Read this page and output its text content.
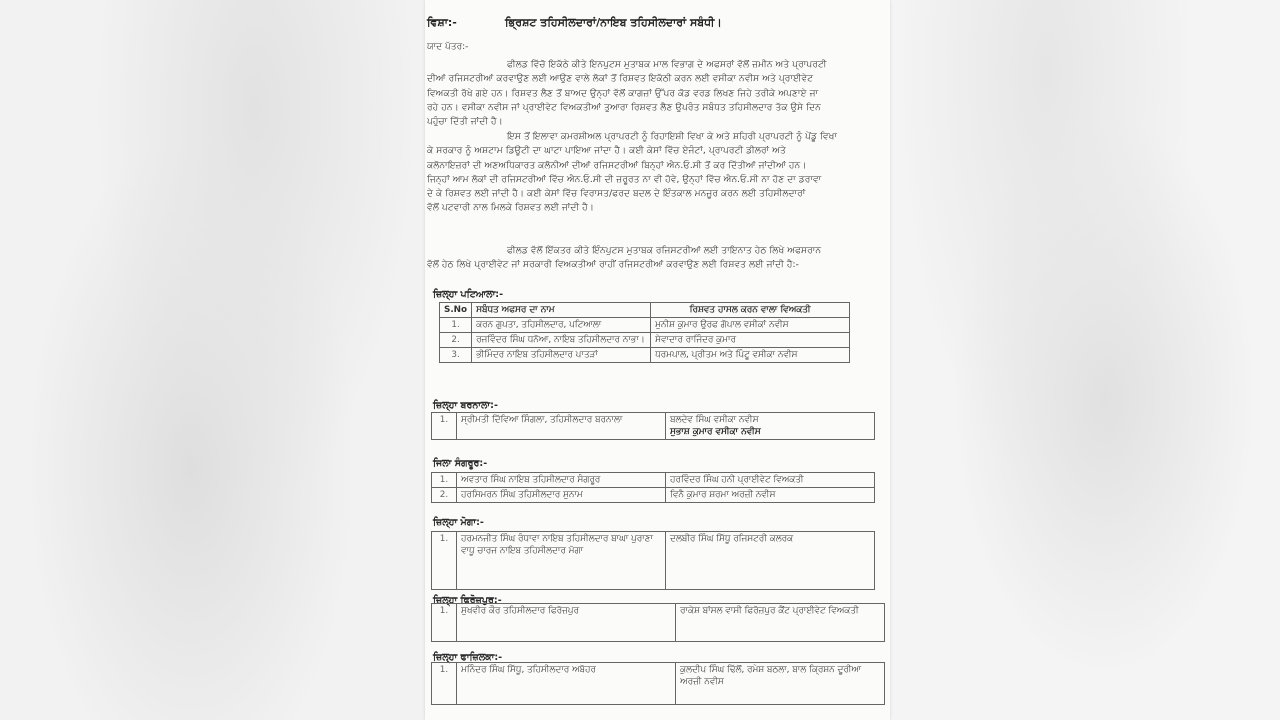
ਵਿਸ਼ਾ:-	ਭ੍ਰਿਸ਼ਟ ਤਹਿਸੀਲਦਾਰਾਂ/ਨਾਇਬ ਤਹਿਸੀਲਦਾਰਾਂ ਸਬੰਧੀ।
ਯਾਦ ਪੱਤਰ:-
ਫੀਲਡ ਵਿੱਚੋ ਇਕੱਠੇ ਕੀਤੇ ਇਨਪੁਟਸ ਮੁਤਾਬਕ ਮਾਲ ਵਿਭਾਗ ਦੇ ਅਫਸਰਾਂ ਵੱਲੋਂ ਜ਼ਮੀਨ ਅਤੇ ਪ੍ਰਾਪਰਟੀ
ਦੀਆਂ ਰਜਿਸਟਰੀਆਂ ਕਰਵਾਉਣ ਲਈ ਆਉਣ ਵਾਲੇ ਲੋਕਾਂ ਤੋਂ ਰਿਸ਼ਵਤ ਇਕੱਠੀ ਕਰਨ ਲਈ ਵਸੀਕਾ ਨਵੀਸ ਅਤੇ ਪ੍ਰਾਈਵੇਟ
ਵਿਅਕਤੀ ਰੱਖੇ ਗਏ ਹਨ। ਰਿਸ਼ਵਤ ਲੈਣ ਤੋਂ ਬਾਅਦ ਉਨ੍ਹਾਂ ਵੱਲੋਂ ਕਾਗਜ਼ਾਂ ਉੱਪਰ ਕੋਡ ਵਰਡ ਲਿਖਣ ਜਿਹੇ ਤਰੀਕੇ ਅਪਣਾਏ ਜਾ
ਰਹੇ ਹਨ। ਵਸੀਕਾ ਨਵੀਸ ਜਾਂ ਪ੍ਰਾਈਵੇਟ ਵਿਅਕਤੀਆਂ ਤੁਆਰਾ ਰਿਸ਼ਵਤ ਲੈਣ ਉਪਰੰਤ ਸਬੰਧਤ ਤਹਿਸੀਲਦਾਰ ਤੱਕ ਉਸੇ ਦਿਨ
ਪਹੁੰਚਾ ਦਿੱਤੀ ਜਾਂਦੀ ਹੈ।
ਇਸ ਤੋਂ ਇਲਾਵਾ ਕਮਰਸ਼ੀਅਲ ਪ੍ਰਾਪਰਟੀ ਨੂੰ ਰਿਹਾਇਸ਼ੀ ਵਿਖਾ ਕੇ ਅਤੇ ਸ਼ਹਿਰੀ ਪ੍ਰਾਪਰਟੀ ਨੂੰ ਪੇਂਡੂ ਵਿਖਾ
ਕੇ ਸਰਕਾਰ ਨੂੰ ਅਸ਼ਟਾਮ ਡਿਊਟੀ ਦਾ ਘਾਟਾ ਪਾਇਆ ਜਾਂਦਾ ਹੈ। ਕਈ ਕੇਸਾਂ ਵਿੱਚ ਏਜੰਟਾਂ, ਪ੍ਰਾਪਰਟੀ ਡੀਲਰਾਂ ਅਤੇ
ਕਲੋਨਾਇਜ਼ਰਾਂ ਦੀ ਅਣਅਧਿਕਾਰਤ ਕਲੋਨੀਆਂ ਦੀਆਂ ਰਜਿਸਟਰੀਆਂ ਬਿਨ੍ਹਾਂ ਐਨ.ਓ.ਸੀ ਤੋਂ ਕਰ ਦਿੱਤੀਆਂ ਜਾਂਦੀਆਂ ਹਨ।
ਜਿਨ੍ਹਾਂ ਆਮ ਲੋਕਾਂ ਦੀ ਰਜਿਸਟਰੀਆਂ ਵਿੱਚ ਐਨ.ਓ.ਸੀ ਦੀ ਜ਼ਰੂਰਤ ਨਾ ਵੀ ਹੋਵੇ, ਉਨ੍ਹਾਂ ਵਿੱਚ ਐਨ.ਓ.ਸੀ ਨਾ ਹੋਣ ਦਾ ਡਰਾਵਾ
ਦੇ ਕੇ ਰਿਸ਼ਵਤ ਲਈ ਜਾਂਦੀ ਹੈ। ਕਈ ਕੇਸਾਂ ਵਿੱਚ ਵਿਰਾਸਤ/ਫਰਦ ਬਦਲ ਦੇ ਇੰਤਕਾਲ ਮਨਜ਼ੂਰ ਕਰਨ ਲਈ ਤਹਿਸੀਲਦਾਰਾਂ
ਵੱਲੋਂ ਪਟਵਾਰੀ ਨਾਲ ਮਿਲਕੇ ਰਿਸ਼ਵਤ ਲਈ ਜਾਂਦੀ ਹੈ।
ਫੀਲਡ ਵੱਲੋਂ ਇੱਕਤਰ ਕੀਤੇ ਇੰਨਪੁਟਸ ਮੁਤਾਬਕ ਰਜਿਸਟਰੀਆਂ ਲਈ ਤਾਇਨਾਤ ਹੇਠ ਲਿਖੇ ਅਫਸਰਾਨ
ਵੱਲੋਂ ਹੇਠ ਲਿਖੇ ਪ੍ਰਾਈਵੇਟ ਜਾਂ ਸਰਕਾਰੀ ਵਿਅਕਤੀਆਂ ਰਾਹੀਂ ਰਜਿਸਟਰੀਆਂ ਕਰਵਾਉਣ ਲਈ ਰਿਸ਼ਵਤ ਲਈ ਜਾਂਦੀ ਹੈ:-
ਜ਼ਿਲ੍ਹਾ ਪਟਿਆਲਾ:-
S.No	ਸਬੰਧਤ ਅਫਸਰ ਦਾ ਨਾਮ	ਰਿਸ਼ਵਤ ਹਾਸਲ ਕਰਨ ਵਾਲਾ ਵਿਅਕਤੀ
1.	ਕਰਨ ਗੁਪਤਾ, ਤਹਿਸੀਲਦਾਰ, ਪਟਿਆਲਾ	ਮੁਨੀਸ਼ ਕੁਮਾਰ ਉਰਫ ਗੋਪਾਲ ਵਸੀਕਾਂ ਨਵੀਸ
2.	ਰਜਵਿੰਦਰ ਸਿੰਘ ਧਨੋਆ, ਨਾਇਬ ਤਹਿਸੀਲਦਾਰ ਨਾਭਾ।	ਸੇਵਾਦਾਰ ਰਾਜਿੰਦਰ ਕੁਮਾਰ
3.	ਭੀਮਿੰਦਰ ਨਾਇਬ ਤਹਿਸੀਲਦਾਰ ਪਾਤੜਾਂ	ਧਰਮਪਾਲ, ਪ੍ਰੀਤਮ ਅਤੇ ਪਿੰਟੂ ਵਸੀਕਾ ਨਵੀਸ
ਜ਼ਿਲ੍ਹਾ ਬਰਨਾਲਾ:-
1.	ਸ੍ਰੀਮਤੀ ਦਿੱਵਿਆ ਸਿੰਗਲਾ, ਤਹਿਸੀਲਦਾਰ ਬਰਨਾਲਾ	ਬਲਦੇਵ ਸਿੰਘ ਵਸੀਕਾ ਨਵੀਸ
ਸੁਭਾਸ਼ ਕੁਮਾਰ ਵਸੀਕਾ ਨਵੀਸ
ਜਿਲਾ ਸੰਗਰੂਰ:-
1.	ਅਵਤਾਰ ਸਿੰਘ ਨਾਇਬ ਤਹਿਸੀਲਦਾਰ ਸੰਗਰੂਰ	ਹਰਵਿੰਦਰ ਸਿੰਘ ਹਨੀ ਪ੍ਰਾਈਵੇਟ ਵਿਅਕਤੀ
2.	ਹਰਸਿਮਰਨ ਸਿੰਘ ਤਹਿਸੀਲਦਾਰ ਸੁਨਾਮ	ਵਿਨੈ ਕੁਮਾਰ ਸ਼ਰਮਾ ਅਰਜ਼ੀ ਨਵੀਸ
ਜ਼ਿਲ੍ਹਾ ਮੋਗਾ:-
1.	ਹਰਮਨਜੀਤ ਸਿੰਘ ਰੰਧਾਵਾ ਨਾਇਬ ਤਹਿਸੀਲਦਾਰ ਬਾਘਾ ਪੁਰਾਣਾ ਵਾਧੂ ਚਾਰਜ ਨਾਇਬ ਤਹਿਸੀਲਦਾਰ ਮੋਗਾ	ਦਲਬੀਰ ਸਿੰਘ ਸਿੱਧੂ ਰਜਿਸਟਰੀ ਕਲਰਕ
ਜ਼ਿਲ੍ਹਾ ਫਿਰੋਜ਼ਪੁਰ:-
1.	ਸੁਖਵੀਰ ਕੌਰ ਤਹਿਸੀਲਦਾਰ ਫਿਰੋਜ਼ਪੁਰ	ਰਾਕੇਸ਼ ਬਾਂਸਲ ਵਾਸੀ ਫਿਰੋਜ਼ਪੁਰ ਕੈਂਟ ਪ੍ਰਾਈਵੇਟ ਵਿਅਕਤੀ
ਜ਼ਿਲ੍ਹਾ ਫਾਜ਼ਿਲਕਾ:-
1.	ਮਨਿੰਦਰ ਸਿੰਘ ਸਿੱਧੂ, ਤਹਿਸੀਲਦਾਰ ਅਬੋਹਰ	ਕੁਲਦੀਪ ਸਿੰਘ ਢਿੱਲੋਂ, ਰਮੇਸ਼ ਬਠਲਾ, ਬਾਲ ਕ੍ਰਿਸ਼ਨ ਦੂਰੀਆ ਅਰਜ਼ੀ ਨਵੀਸ
